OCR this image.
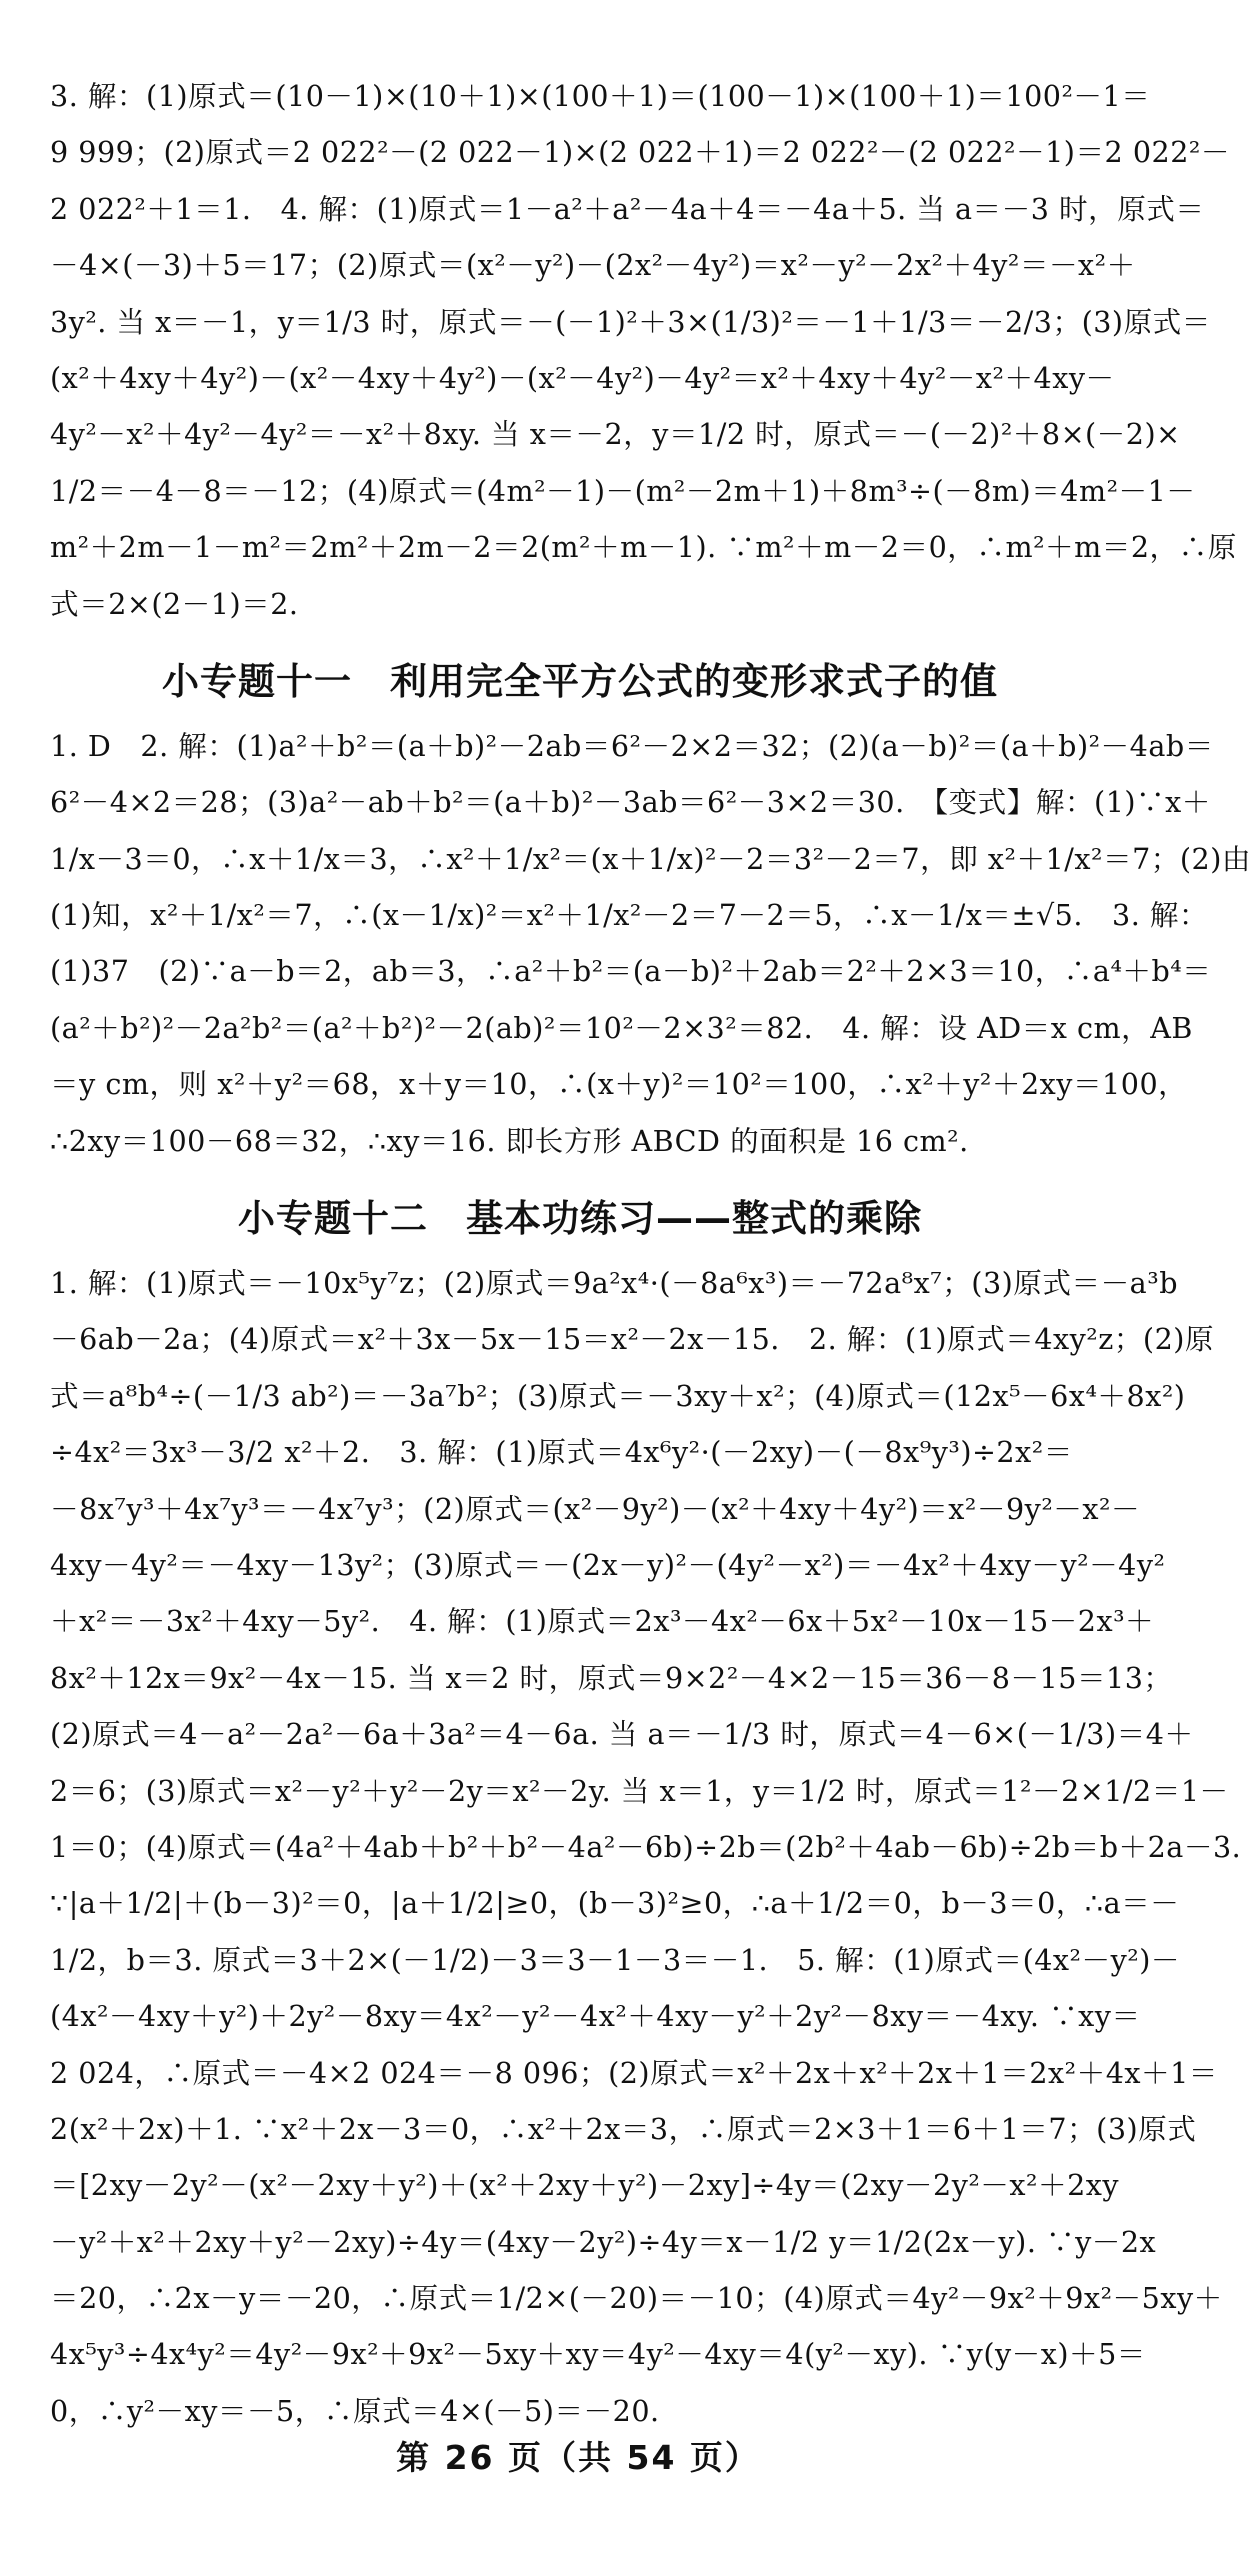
3. 解：(1)原式＝(10－1)×(10＋1)×(100＋1)＝(100－1)×(100＋1)＝100²－1＝
9 999；(2)原式＝2 022²－(2 022－1)×(2 022＋1)＝2 022²－(2 022²－1)＝2 022²－
2 022²＋1＝1.　4. 解：(1)原式＝1－a²＋a²－4a＋4＝－4a＋5. 当 a＝－3 时，原式＝
－4×(－3)＋5＝17；(2)原式＝(x²－y²)－(2x²－4y²)＝x²－y²－2x²＋4y²＝－x²＋
3y². 当 x＝－1，y＝1/3 时，原式＝－(－1)²＋3×(1/3)²＝－1＋1/3＝－2/3；(3)原式＝
(x²＋4xy＋4y²)－(x²－4xy＋4y²)－(x²－4y²)－4y²＝x²＋4xy＋4y²－x²＋4xy－
4y²－x²＋4y²－4y²＝－x²＋8xy. 当 x＝－2，y＝1/2 时，原式＝－(－2)²＋8×(－2)×
1/2＝－4－8＝－12；(4)原式＝(4m²－1)－(m²－2m＋1)＋8m³÷(－8m)＝4m²－1－
m²＋2m－1－m²＝2m²＋2m－2＝2(m²＋m－1). ∵m²＋m－2＝0，∴m²＋m＝2，∴原
式＝2×(2－1)＝2.
小专题十一　利用完全平方公式的变形求式子的值
1. D　2. 解：(1)a²＋b²＝(a＋b)²－2ab＝6²－2×2＝32；(2)(a－b)²＝(a＋b)²－4ab＝
6²－4×2＝28；(3)a²－ab＋b²＝(a＋b)²－3ab＝6²－3×2＝30.　【变式】解：(1)∵x＋
1/x－3＝0，∴x＋1/x＝3，∴x²＋1/x²＝(x＋1/x)²－2＝3²－2＝7，即 x²＋1/x²＝7；(2)由
(1)知，x²＋1/x²＝7，∴(x－1/x)²＝x²＋1/x²－2＝7－2＝5，∴x－1/x＝±√5.　3. 解：
(1)37　(2)∵a－b＝2，ab＝3，∴a²＋b²＝(a－b)²＋2ab＝2²＋2×3＝10，∴a⁴＋b⁴＝
(a²＋b²)²－2a²b²＝(a²＋b²)²－2(ab)²＝10²－2×3²＝82.　4. 解：设 AD＝x cm，AB
＝y cm，则 x²＋y²＝68，x＋y＝10，∴(x＋y)²＝10²＝100，∴x²＋y²＋2xy＝100，
∴2xy＝100－68＝32，∴xy＝16. 即长方形 ABCD 的面积是 16 cm².
小专题十二　基本功练习——整式的乘除
1. 解：(1)原式＝－10x⁵y⁷z；(2)原式＝9a²x⁴·(－8a⁶x³)＝－72a⁸x⁷；(3)原式＝－a³b
－6ab－2a；(4)原式＝x²＋3x－5x－15＝x²－2x－15.　2. 解：(1)原式＝4xy²z；(2)原
式＝a⁸b⁴÷(－1/3 ab²)＝－3a⁷b²；(3)原式＝－3xy＋x²；(4)原式＝(12x⁵－6x⁴＋8x²)
÷4x²＝3x³－3/2 x²＋2.　3. 解：(1)原式＝4x⁶y²·(－2xy)－(－8x⁹y³)÷2x²＝
－8x⁷y³＋4x⁷y³＝－4x⁷y³；(2)原式＝(x²－9y²)－(x²＋4xy＋4y²)＝x²－9y²－x²－
4xy－4y²＝－4xy－13y²；(3)原式＝－(2x－y)²－(4y²－x²)＝－4x²＋4xy－y²－4y²
＋x²＝－3x²＋4xy－5y².　4. 解：(1)原式＝2x³－4x²－6x＋5x²－10x－15－2x³＋
8x²＋12x＝9x²－4x－15. 当 x＝2 时，原式＝9×2²－4×2－15＝36－8－15＝13；
(2)原式＝4－a²－2a²－6a＋3a²＝4－6a. 当 a＝－1/3 时，原式＝4－6×(－1/3)＝4＋
2＝6；(3)原式＝x²－y²＋y²－2y＝x²－2y. 当 x＝1，y＝1/2 时，原式＝1²－2×1/2＝1－
1＝0；(4)原式＝(4a²＋4ab＋b²＋b²－4a²－6b)÷2b＝(2b²＋4ab－6b)÷2b＝b＋2a－3.
∵|a＋1/2|＋(b－3)²＝0，|a＋1/2|≥0，(b－3)²≥0，∴a＋1/2＝0，b－3＝0，∴a＝－
1/2，b＝3. 原式＝3＋2×(－1/2)－3＝3－1－3＝－1.　5. 解：(1)原式＝(4x²－y²)－
(4x²－4xy＋y²)＋2y²－8xy＝4x²－y²－4x²＋4xy－y²＋2y²－8xy＝－4xy. ∵xy＝
2 024，∴原式＝－4×2 024＝－8 096；(2)原式＝x²＋2x＋x²＋2x＋1＝2x²＋4x＋1＝
2(x²＋2x)＋1. ∵x²＋2x－3＝0，∴x²＋2x＝3，∴原式＝2×3＋1＝6＋1＝7；(3)原式
＝[2xy－2y²－(x²－2xy＋y²)＋(x²＋2xy＋y²)－2xy]÷4y＝(2xy－2y²－x²＋2xy
－y²＋x²＋2xy＋y²－2xy)÷4y＝(4xy－2y²)÷4y＝x－1/2 y＝1/2(2x－y). ∵y－2x
＝20，∴2x－y＝－20，∴原式＝1/2×(－20)＝－10；(4)原式＝4y²－9x²＋9x²－5xy＋
4x⁵y³÷4x⁴y²＝4y²－9x²＋9x²－5xy＋xy＝4y²－4xy＝4(y²－xy). ∵y(y－x)＋5＝
0，∴y²－xy＝－5，∴原式＝4×(－5)＝－20.
第 26 页（共 54 页）
